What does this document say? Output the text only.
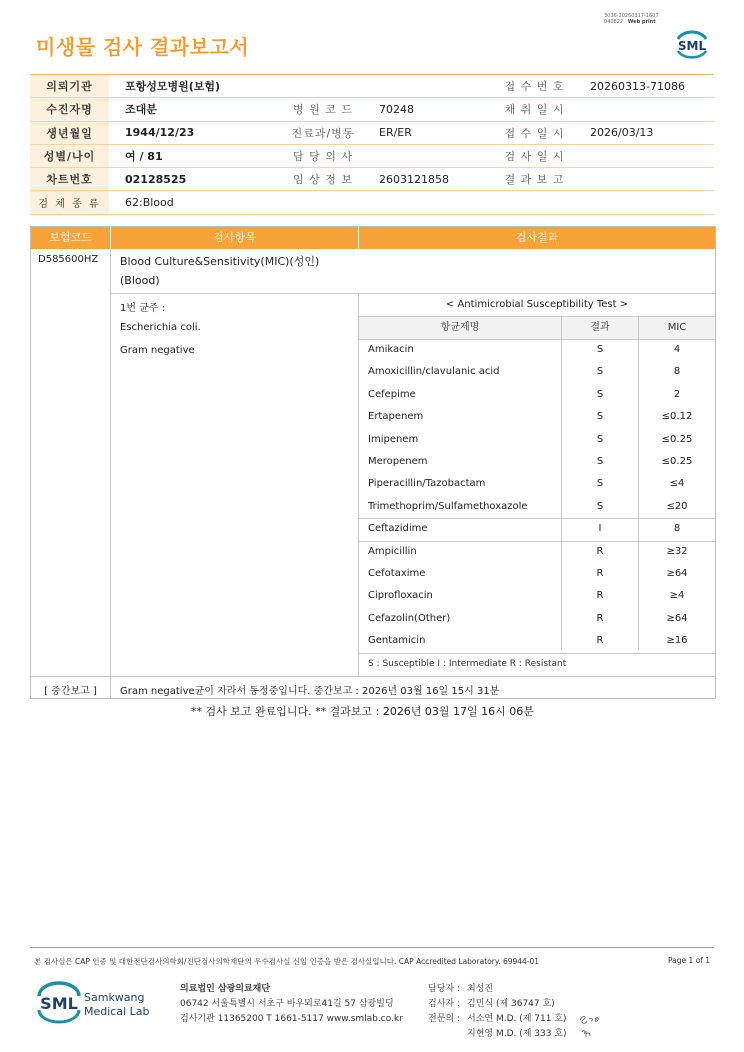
3036-20260317-1607
040822 Web print
미생물 검사 결과보고서	SML
의뢰기관	포항성모병원(보험)			접 수 번 호	20260313-71086
수진자명	조대분	병 원 코 드	70248	채 취 일 시	
생년월일	1944/12/23	진료과/병동	ER/ER	접 수 일 시	2026/03/13
성별/나이	여 / 81	담 당 의 사		검 사 일 시	
차트번호	02128525	임 상 정 보	2603121858	결 과 보 고	
검 체 종 류	62:Blood				
보험코드	검사항목	검사결과
D585600HZ Blood Culture&Sensitivity(MIC)(성인)
(Blood)
1번 균주 :
Escherichia coli.
Gram negative
< Antimicrobial Susceptibility Test >
항균제명	결과	MIC
Amikacin	S	4
Amoxicillin/clavulanic acid	S	8
Cefepime	S	2
Ertapenem	S	≤0.12
Imipenem	S	≤0.25
Meropenem	S	≤0.25
Piperacillin/Tazobactam	S	≤4
Trimethoprim/Sulfamethoxazole	S	≤20
Ceftazidime	I	8
Ampicillin	R	≥32
Cefotaxime	R	≥64
Ciprofloxacin	R	≥4
Cefazolin(Other)	R	≥64
Gentamicin	R	≥16
S : Susceptible I : Intermediate R : Resistant
[ 중간보고 ]	Gram negative균이 자라서 동정중입니다. 중간보고 : 2026년 03월 16일 15시 31분
** 검사 보고 완료입니다. ** 결과보고 : 2026년 03월 17일 16시 06분
본 검사실은 CAP 인증 및 대한진단검사의학회/진단검사의학재단의 우수검사실 신임 인증을 받은 검사실입니다. CAP Accredited Laboratory. 69944-01	Page 1 of 1
SML Samkwang
Medical Lab
의료법인 삼광의료재단
06742 서울특별시 서초구 바우뫼로41길 57 삼광빌딩
검사기관 11365200 T 1661-5117 www.smlab.co.kr
담당자 : 최성진
검사자 : 김민식 (제 36747 호)
전문의 : 서소연 M.D. (제 711 호)
지현영 M.D. (제 333 호)
